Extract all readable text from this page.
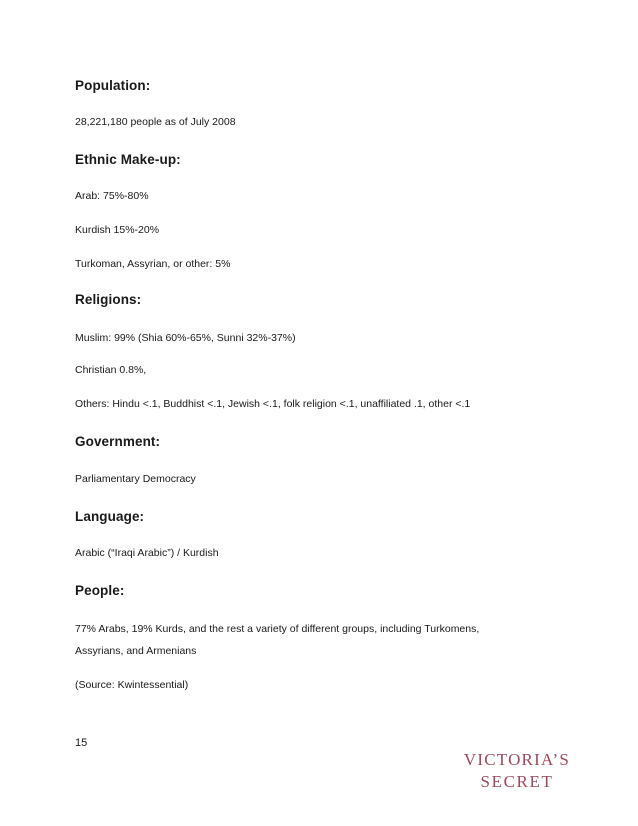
Population:
28,221,180 people as of July 2008
Ethnic Make-up:
Arab: 75%-80%
Kurdish 15%-20%
Turkoman, Assyrian, or other: 5%
Religions:
Muslim: 99% (Shia 60%-65%, Sunni 32%-37%)
Christian 0.8%,
Others: Hindu <.1, Buddhist <.1, Jewish <.1, folk religion <.1, unaffiliated .1, other <.1
Government:
Parliamentary Democracy
Language:
Arabic (“Iraqi Arabic”) / Kurdish
People:
77% Arabs, 19% Kurds, and the rest a variety of different groups, including Turkomens,
Assyrians, and Armenians
(Source: Kwintessential)
15
VICTORIA’S
SECRET
